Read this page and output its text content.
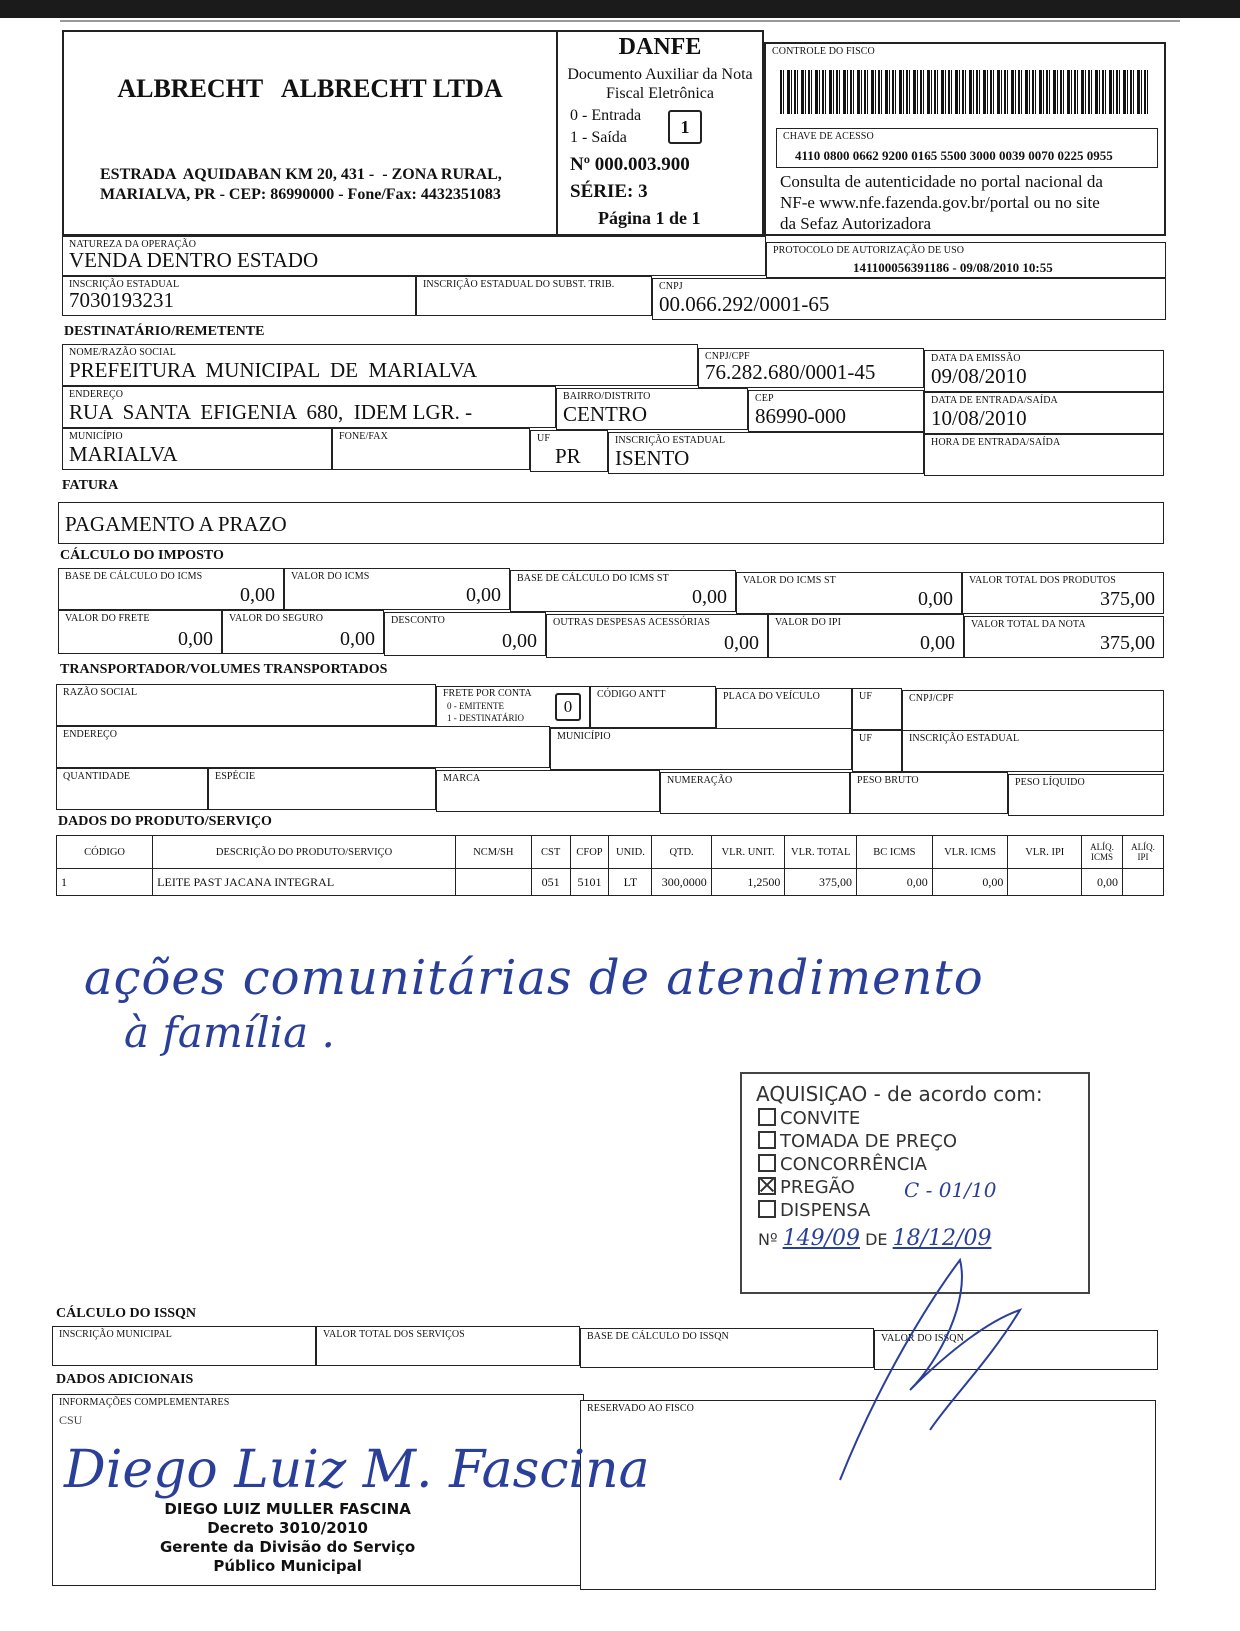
ALBRECHT   ALBRECHT LTDA
ESTRADA  AQUIDABAN KM 20, 431 -  - ZONA RURAL,
MARIALVA, PR - CEP: 86990000 - Fone/Fax: 4432351083
DANFE
Documento Auxiliar da Nota
Fiscal Eletrônica
0 - Entrada
1 - Saída
1
Nº 000.003.900
SÉRIE: 3
Página 1 de 1
CONTROLE DO FISCO
CHAVE DE ACESSO
4110 0800 0662 9200 0165 5500 3000 0039 0070 0225 0955
Consulta de autenticidade no portal nacional da
NF-e www.nfe.fazenda.gov.br/portal ou no site
da Sefaz Autorizadora
NATUREZA DA OPERAÇÃO
VENDA DENTRO ESTADO	PROTOCOLO DE AUTORIZAÇÃO DE USO
141100056391186 - 09/08/2010 10:55
INSCRIÇÃO ESTADUAL
7030193231
INSCRIÇÃO ESTADUAL DO SUBST. TRIB.	CNPJ
00.066.292/0001-65
DESTINATÁRIO/REMETENTE
NOME/RAZÃO SOCIAL
PREFEITURA  MUNICIPAL  DE  MARIALVA
CNPJ/CPF
76.282.680/0001-45
DATA DA EMISSÃO
09/08/2010
ENDEREÇO
RUA  SANTA  EFIGENIA  680,  IDEM LGR. -
BAIRRO/DISTRITO
CENTRO
CEP
86990-000
DATA DE ENTRADA/SAÍDA
10/08/2010
MUNICÍPIO
MARIALVA
FONE/FAX	UF
PR
INSCRIÇÃO ESTADUAL
ISENTO
HORA DE ENTRADA/SAÍDA
FATURA
PAGAMENTO A PRAZO
CÁLCULO DO IMPOSTO
BASE DE CÁLCULO DO ICMS
0,00
VALOR DO ICMS
0,00
BASE DE CÁLCULO DO ICMS ST
0,00
VALOR DO ICMS ST
0,00
VALOR TOTAL DOS PRODUTOS
375,00
VALOR DO FRETE
0,00
VALOR DO SEGURO
0,00
DESCONTO
0,00
OUTRAS DESPESAS ACESSÓRIAS
0,00
VALOR DO IPI
0,00
VALOR TOTAL DA NOTA
375,00
TRANSPORTADOR/VOLUMES TRANSPORTADOS
RAZÃO SOCIAL	FRETE POR CONTA
0 - EMITENTE
1 - DESTINATÁRIO
0
CÓDIGO ANTT	PLACA DO VEÍCULO	UF	CNPJ/CPF
ENDEREÇO	MUNICÍPIO	UF	INSCRIÇÃO ESTADUAL
QUANTIDADE	ESPÉCIE	MARCA	NUMERAÇÃO	PESO BRUTO	PESO LÍQUIDO
DADOS DO PRODUTO/SERVIÇO
CÓDIGO	DESCRIÇÃO DO PRODUTO/SERVIÇO	NCM/SH	CST	CFOP	UNID.	QTD.	VLR. UNIT.	VLR. TOTAL	BC ICMS	VLR. ICMS	VLR. IPI	ALÍQ. ICMS	ALÍQ. IPI
1	LEITE PAST JACANA INTEGRAL		051	5101	LT	300,0000	1,2500	375,00	0,00	0,00		0,00	
ações comunitárias de atendimento
à família .
AQUISIÇAO - de acordo com:
CONVITE
TOMADA DE PREÇO
CONCORRÊNCIA
PREGÃO C - 01/10
DISPENSA
Nº 149/09 DE 18/12/09
CÁLCULO DO ISSQN
INSCRIÇÃO MUNICIPAL	VALOR TOTAL DOS SERVIÇOS	BASE DE CÁLCULO DO ISSQN	VALOR DO ISSQN
DADOS ADICIONAIS
INFORMAÇÕES COMPLEMENTARES
CSU
RESERVADO AO FISCO
Diego Luiz M. Fascina
DIEGO LUIZ MULLER FASCINA
Decreto 3010/2010
Gerente da Divisão do Serviço
Público Municipal
